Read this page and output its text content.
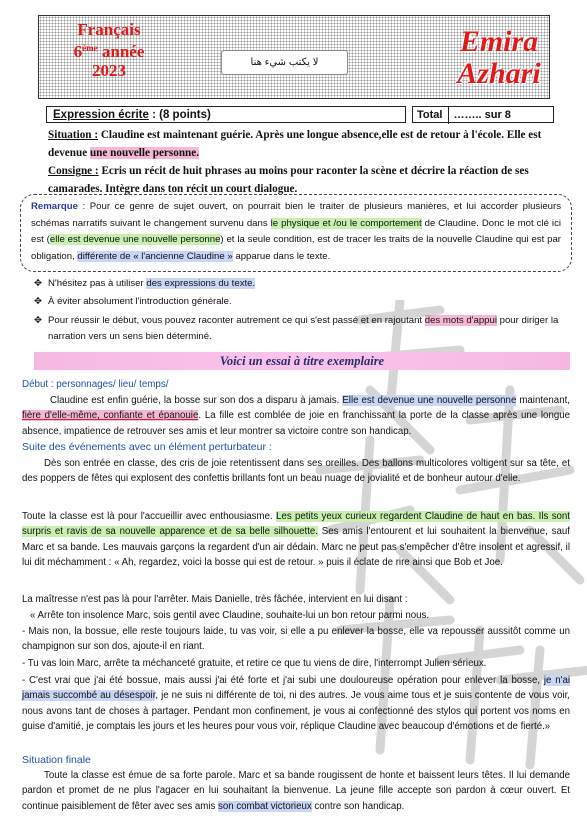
Français
6ème année
2023	لا يكتب شيء هنا
Emira
Azhari
Expression écrite : (8 points)	Total …….. sur 8
Situation : Claudine est maintenant guérie. Après une longue absence,elle est de retour à l'école. Elle est devenue une nouvelle personne.
Consigne : Ecris un récit de huit phrases au moins pour raconter la scène et décrire la réaction de ses camarades. Intègre dans ton récit un court dialogue.
Remarque : Pour ce genre de sujet ouvert, on pourrait bien le traiter de plusieurs manières, et lui accorder plusieurs schémas narratifs suivant le changement survenu dans le physique et /ou le comportement de Claudine. Donc le mot clé ici est (elle est devenue une nouvelle personne) et la seule condition, est de tracer les traits de la nouvelle Claudine qui est par obligation, différente de « l'ancienne Claudine » apparue dans le texte.
✥ N'hésitez pas à utiliser des expressions du texte.
✥ À éviter absolument l'introduction générale.
✥ Pour réussir le début, vous pouvez raconter autrement ce qui s'est passé et en rajoutant des mots d'appui pour diriger la narration vers un sens bien déterminé.
Voici un essai à titre exemplaire
Début : personnages/ lieu/ temps/
Claudine est enfin guérie, la bosse sur son dos a disparu à jamais. Elle est devenue une nouvelle personne maintenant, fière d'elle-même, confiante et épanouie. La fille est comblée de joie en franchissant la porte de la classe après une longue absence, impatience de retrouver ses amis et leur montrer sa victoire contre son handicap.
Suite des événements avec un élément perturbateur :
Dès son entrée en classe, des cris de joie retentissent dans ses oreilles. Des ballons multicolores voltigent sur sa tête, et des poppers de fêtes qui explosent des confettis brillants font un beau nuage de jovialité et de bonheur autour d'elle.
Toute la classe est là pour l'accueillir avec enthousiasme. Les petits yeux curieux regardent Claudine de haut en bas. Ils sont surpris et ravis de sa nouvelle apparence et de sa belle silhouette. Ses amis l'entourent et lui souhaitent la bienvenue, sauf Marc et sa bande. Les mauvais garçons la regardent d'un air dédain. Marc ne peut pas s'empêcher d'être insolent et agressif, il lui dit méchamment : « Ah, regardez, voici la bosse qui est de retour. » puis il éclate de rire ainsi que Bob et Joe.
La maîtresse n'est pas là pour l'arrêter. Mais Danielle, très fâchée, intervient en lui disant :
« Arrête ton insolence Marc, sois gentil avec Claudine, souhaite-lui un bon retour parmi nous.
- Mais non, la bossue, elle reste toujours laide, tu vas voir, si elle a pu enlever la bosse, elle va repousser aussitôt comme un champignon sur son dos, ajoute-il en riant.
- Tu vas loin Marc, arrête ta méchanceté gratuite, et retire ce que tu viens de dire, l'interrompt Julien sérieux.
- C'est vrai que j'ai été bossue, mais aussi j'ai été forte et j'ai subi une douloureuse opération pour enlever la bosse, je n'ai jamais succombé au désespoir, je ne suis ni différente de toi, ni des autres. Je vous aime tous et je suis contente de vous voir, nous avons tant de choses à partager. Pendant mon confinement, je vous ai confectionné des stylos qui portent vos noms en guise d'amitié, je comptais les jours et les heures pour vous voir, réplique Claudine avec beaucoup d'émotions et de fierté.»
Situation finale
Toute la classe est émue de sa forte parole. Marc et sa bande rougissent de honte et baissent leurs têtes. Il lui demande pardon et promet de ne plus l'agacer en lui souhaitant la bienvenue. La jeune fille accepte son pardon à cœur ouvert. Et continue paisiblement de fêter avec ses amis son combat victorieux contre son handicap.
